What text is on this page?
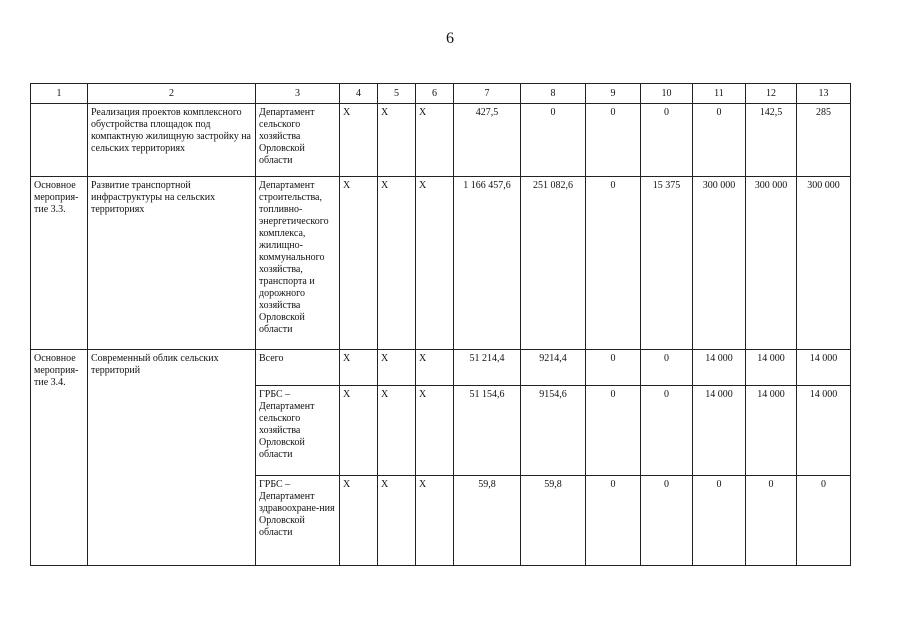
6
1	2	3	4	5	6	7	8	9	10	11	12	13
	Реализация проектов комплексного обустройства площадок под компактную жилищную застройку на сельских территориях	Департамент сельского хозяйства Орловской области	Х	Х	Х	427,5	0	0	0	0	142,5	285
Основное мероприя-тие 3.3.	Развитие транспортной инфраструктуры на сельских территориях	Департамент строительства, топливно-энергетического комплекса, жилищно-коммунального хозяйства, транспорта и дорожного хозяйства Орловской области	Х	Х	Х	1 166 457,6	251 082,6	0	15 375	300 000	300 000	300 000
Основное мероприя-тие 3.4.	Современный облик сельских территорий	Всего	Х	Х	Х	51 214,4	9214,4	0	0	14 000	14 000	14 000
		ГРБС – Департамент сельского хозяйства Орловской области	Х	Х	Х	51 154,6	9154,6	0	0	14 000	14 000	14 000
		ГРБС – Департамент здравоохране-ния Орловской области	Х	Х	Х	59,8	59,8	0	0	0	0	0
